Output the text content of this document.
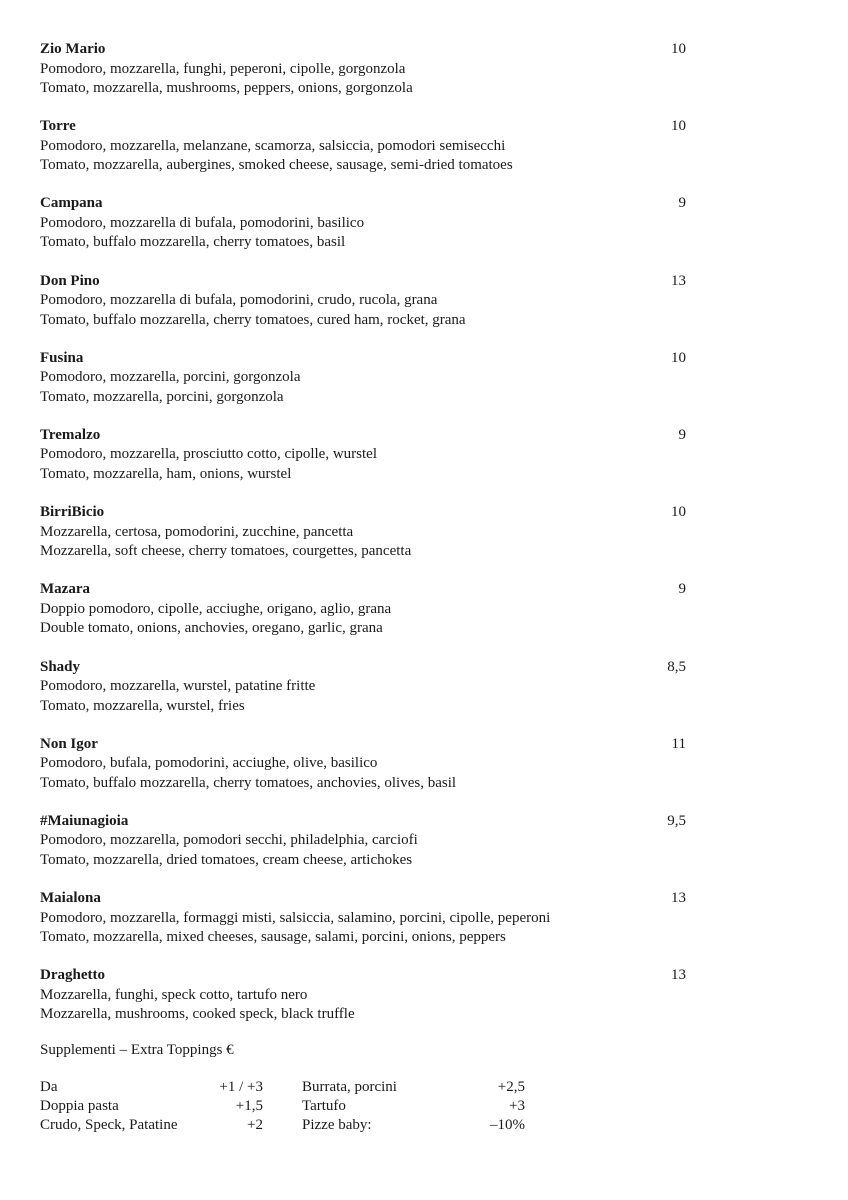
Zio Mario	10
Pomodoro, mozzarella, funghi, peperoni, cipolle, gorgonzola
Tomato, mozzarella, mushrooms, peppers, onions, gorgonzola
Torre	10
Pomodoro, mozzarella, melanzane, scamorza, salsiccia, pomodori semisecchi
Tomato, mozzarella, aubergines, smoked cheese, sausage, semi-dried tomatoes
Campana	9
Pomodoro, mozzarella di bufala, pomodorini, basilico
Tomato, buffalo mozzarella, cherry tomatoes, basil
Don Pino	13
Pomodoro, mozzarella di bufala, pomodorini, crudo, rucola, grana
Tomato, buffalo mozzarella, cherry tomatoes, cured ham, rocket, grana
Fusina	10
Pomodoro, mozzarella, porcini, gorgonzola
Tomato, mozzarella, porcini, gorgonzola
Tremalzo	9
Pomodoro, mozzarella, prosciutto cotto, cipolle, wurstel
Tomato, mozzarella, ham, onions, wurstel
BirriBicio	10
Mozzarella, certosa, pomodorini, zucchine, pancetta
Mozzarella, soft cheese, cherry tomatoes, courgettes, pancetta
Mazara	9
Doppio pomodoro, cipolle, acciughe, origano, aglio, grana
Double tomato, onions, anchovies, oregano, garlic, grana
Shady	8,5
Pomodoro, mozzarella, wurstel, patatine fritte
Tomato, mozzarella, wurstel, fries
Non Igor	11
Pomodoro, bufala, pomodorini, acciughe, olive, basilico
Tomato, buffalo mozzarella, cherry tomatoes, anchovies, olives, basil
#Maiunagioia	9,5
Pomodoro, mozzarella, pomodori secchi, philadelphia, carciofi
Tomato, mozzarella, dried tomatoes, cream cheese, artichokes
Maialona	13
Pomodoro, mozzarella, formaggi misti, salsiccia, salamino, porcini, cipolle, peperoni
Tomato, mozzarella, mixed cheeses, sausage, salami, porcini, onions, peppers
Draghetto	13
Mozzarella, funghi, speck cotto, tartufo nero
Mozzarella, mushrooms, cooked speck, black truffle
Supplementi – Extra Toppings €
Da	+1 / +3
Doppia pasta	+1,5
Crudo, Speck, Patatine	+2
Burrata, porcini	+2,5
Tartufo	+3
Pizze baby:	–10%
